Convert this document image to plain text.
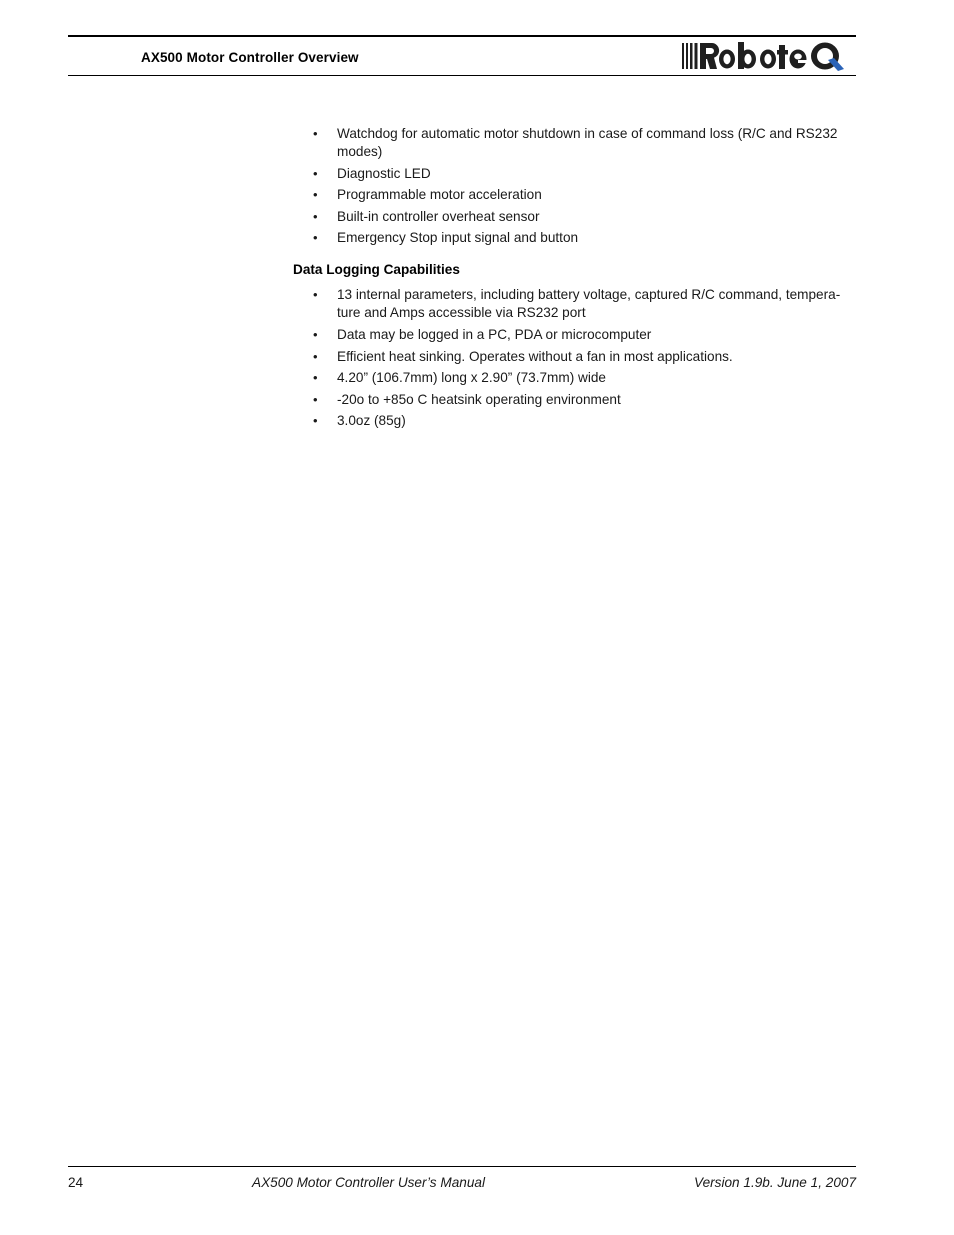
AX500 Motor Controller Overview
• Watchdog for automatic motor shutdown in case of command loss (R/C and RS232 modes)
• Diagnostic LED
• Programmable motor acceleration
• Built-in controller overheat sensor
• Emergency Stop input signal and button
Data Logging Capabilities
• 13 internal parameters, including battery voltage, captured R/C command, tempera-ture and Amps accessible via RS232 port
• Data may be logged in a PC, PDA or microcomputer
• Efficient heat sinking. Operates without a fan in most applications.
• 4.20” (106.7mm) long x 2.90” (73.7mm) wide
• -20o to +85o C heatsink operating environment
• 3.0oz (85g)
24	AX500 Motor Controller User’s Manual	Version 1.9b. June 1, 2007
